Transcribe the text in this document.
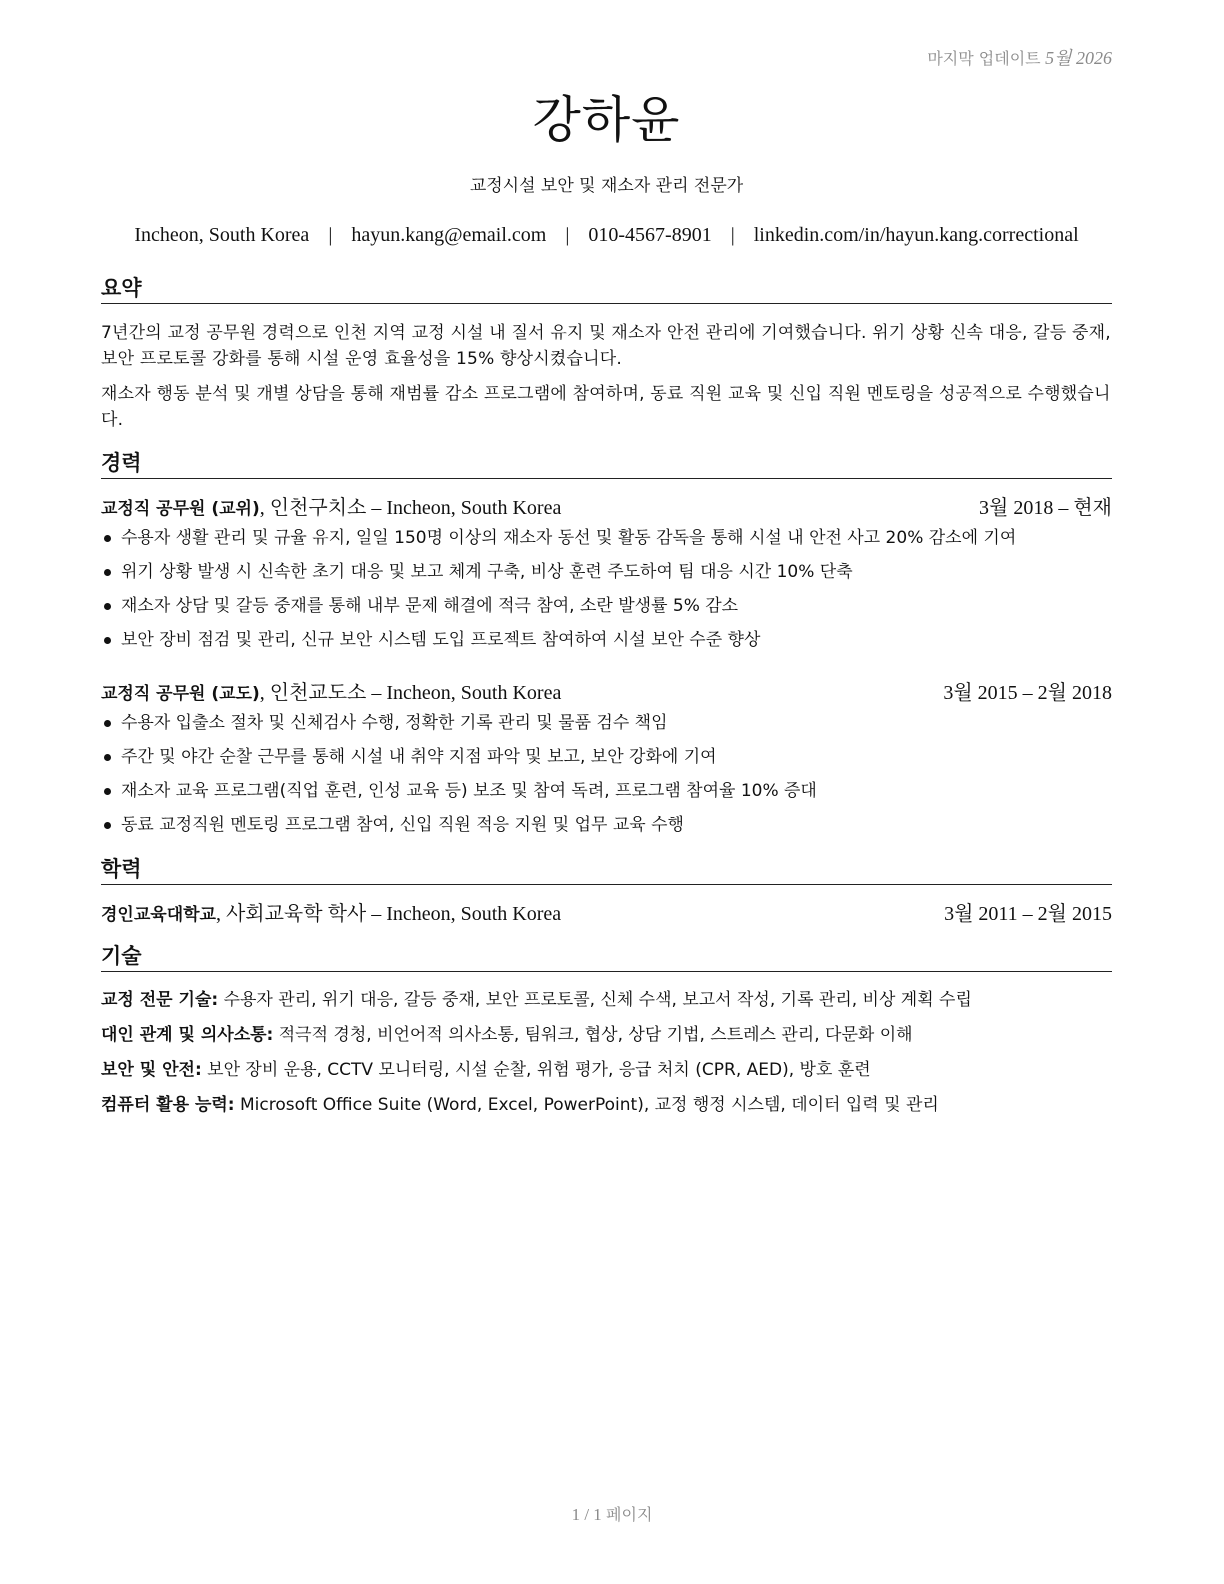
마지막 업데이트 5월 2026
강하윤
교정시설 보안 및 재소자 관리 전문가
Incheon, South Korea | hayun.kang@email.com | 010-4567-8901 | linkedin.com/in/hayun.kang.correctional
요약
7년간의 교정 공무원 경력으로 인천 지역 교정 시설 내 질서 유지 및 재소자 안전 관리에 기여했습니다. 위기 상황 신속 대응, 갈등 중재, 보안 프로토콜 강화를 통해 시설 운영 효율성을 15% 향상시켰습니다.
재소자 행동 분석 및 개별 상담을 통해 재범률 감소 프로그램에 참여하며, 동료 직원 교육 및 신입 직원 멘토링을 성공적으로 수행했습니다.
경력
교정직 공무원 (교위), 인천구치소 – Incheon, South Korea	3월 2018 – 현재
수용자 생활 관리 및 규율 유지, 일일 150명 이상의 재소자 동선 및 활동 감독을 통해 시설 내 안전 사고 20% 감소에 기여
위기 상황 발생 시 신속한 초기 대응 및 보고 체계 구축, 비상 훈련 주도하여 팀 대응 시간 10% 단축
재소자 상담 및 갈등 중재를 통해 내부 문제 해결에 적극 참여, 소란 발생률 5% 감소
보안 장비 점검 및 관리, 신규 보안 시스템 도입 프로젝트 참여하여 시설 보안 수준 향상
교정직 공무원 (교도), 인천교도소 – Incheon, South Korea	3월 2015 – 2월 2018
수용자 입출소 절차 및 신체검사 수행, 정확한 기록 관리 및 물품 검수 책임
주간 및 야간 순찰 근무를 통해 시설 내 취약 지점 파악 및 보고, 보안 강화에 기여
재소자 교육 프로그램(직업 훈련, 인성 교육 등) 보조 및 참여 독려, 프로그램 참여율 10% 증대
동료 교정직원 멘토링 프로그램 참여, 신입 직원 적응 지원 및 업무 교육 수행
학력
경인교육대학교, 사회교육학 학사 – Incheon, South Korea	3월 2011 – 2월 2015
기술
교정 전문 기술: 수용자 관리, 위기 대응, 갈등 중재, 보안 프로토콜, 신체 수색, 보고서 작성, 기록 관리, 비상 계획 수립
대인 관계 및 의사소통: 적극적 경청, 비언어적 의사소통, 팀워크, 협상, 상담 기법, 스트레스 관리, 다문화 이해
보안 및 안전: 보안 장비 운용, CCTV 모니터링, 시설 순찰, 위험 평가, 응급 처치 (CPR, AED), 방호 훈련
컴퓨터 활용 능력: Microsoft Office Suite (Word, Excel, PowerPoint), 교정 행정 시스템, 데이터 입력 및 관리
1 / 1 페이지
